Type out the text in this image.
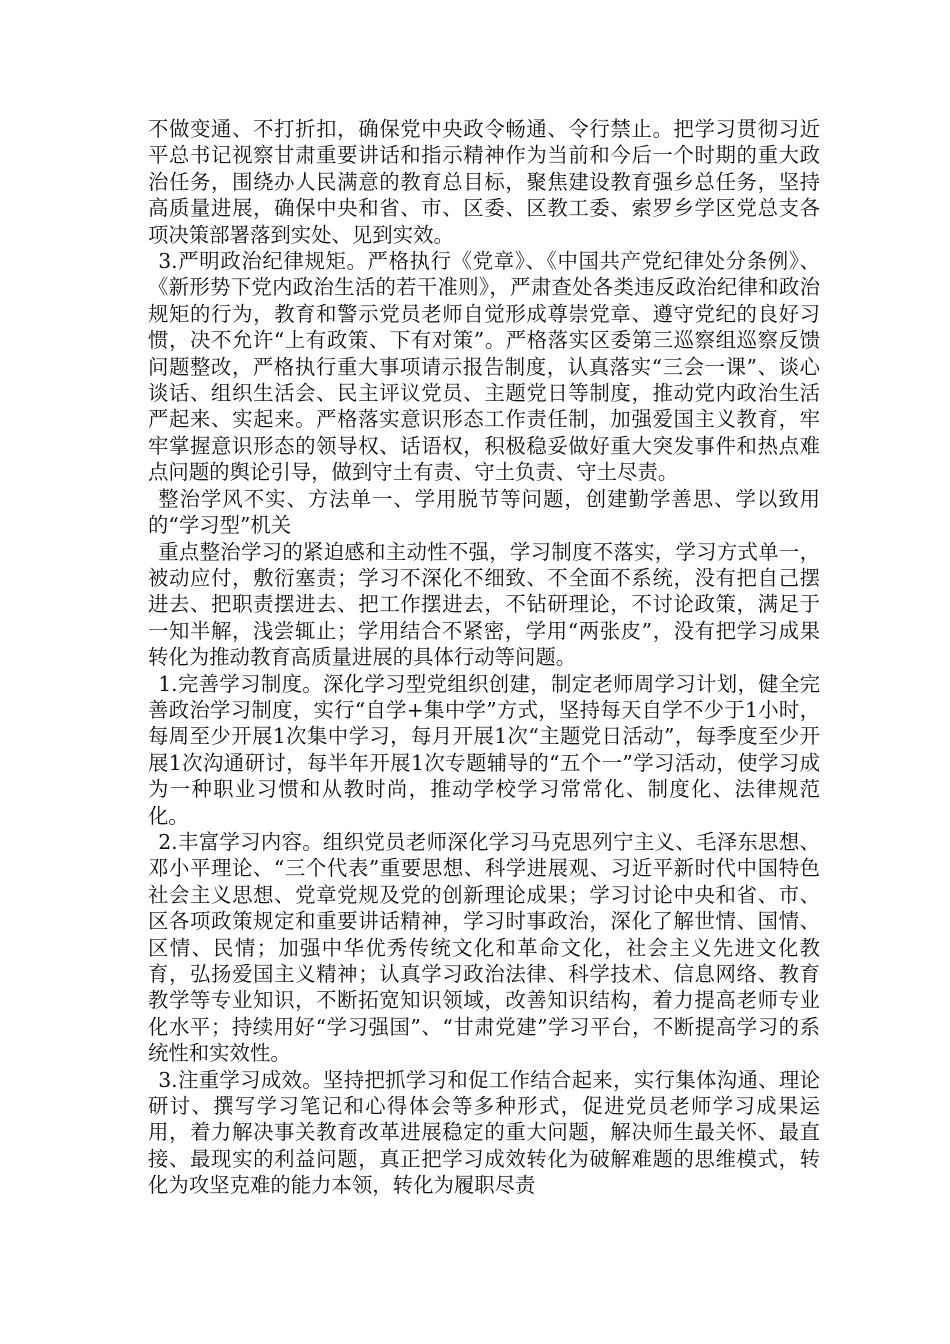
不做变通、不打折扣，确保党中央政令畅通、令行禁止。把学习贯彻习近平总书记视察甘肃重要讲话和指示精神作为当前和今后一个时期的重大政治任务，围绕办人民满意的教育总目标，聚焦建设教育强乡总任务，坚持高质量进展，确保中央和省、市、区委、区教工委、索罗乡学区党总支各项决策部署落到实处、见到实效。

3.严明政治纪律规矩。严格执行《党章》、《中国共产党纪律处分条例》、《新形势下党内政治生活的若干准则》，严肃查处各类违反政治纪律和政治规矩的行为，教育和警示党员老师自觉形成尊崇党章、遵守党纪的良好习惯，决不允许“上有政策、下有对策”。严格落实区委第三巡察组巡察反馈问题整改，严格执行重大事项请示报告制度，认真落实“三会一课”、谈心谈话、组织生活会、民主评议党员、主题党日等制度，推动党内政治生活严起来、实起来。严格落实意识形态工作责任制，加强爱国主义教育，牢牢掌握意识形态的领导权、话语权，积极稳妥做好重大突发事件和热点难点问题的舆论引导，做到守土有责、守土负责、守土尽责。

整治学风不实、方法单一、学用脱节等问题，创建勤学善思、学以致用的“学习型”机关

重点整治学习的紧迫感和主动性不强，学习制度不落实，学习方式单一，被动应付，敷衍塞责；学习不深化不细致、不全面不系统，没有把自己摆进去、把职责摆进去、把工作摆进去，不钻研理论，不讨论政策，满足于一知半解，浅尝辄止；学用结合不紧密，学用“两张皮”，没有把学习成果转化为推动教育高质量进展的具体行动等问题。

1.完善学习制度。深化学习型党组织创建，制定老师周学习计划，健全完善政治学习制度，实行“自学+集中学”方式，坚持每天自学不少于1小时，每周至少开展1次集中学习，每月开展1次“主题党日活动”，每季度至少开展1次沟通研讨，每半年开展1次专题辅导的“五个一”学习活动，使学习成为一种职业习惯和从教时尚，推动学校学习常常化、制度化、法律规范化。

2.丰富学习内容。组织党员老师深化学习马克思列宁主义、毛泽东思想、邓小平理论、“三个代表”重要思想、科学进展观、习近平新时代中国特色社会主义思想、党章党规及党的创新理论成果；学习讨论中央和省、市、区各项政策规定和重要讲话精神，学习时事政治，深化了解世情、国情、区情、民情；加强中华优秀传统文化和革命文化，社会主义先进文化教育，弘扬爱国主义精神；认真学习政治法律、科学技术、信息网络、教育教学等专业知识，不断拓宽知识领域，改善知识结构，着力提高老师专业化水平；持续用好“学习强国”、“甘肃党建”学习平台，不断提高学习的系统性和实效性。

3.注重学习成效。坚持把抓学习和促工作结合起来，实行集体沟通、理论研讨、撰写学习笔记和心得体会等多种形式，促进党员老师学习成果运用，着力解决事关教育改革进展稳定的重大问题，解决师生最关怀、最直接、最现实的利益问题，真正把学习成效转化为破解难题的思维模式，转化为攻坚克难的能力本领，转化为履职尽责
